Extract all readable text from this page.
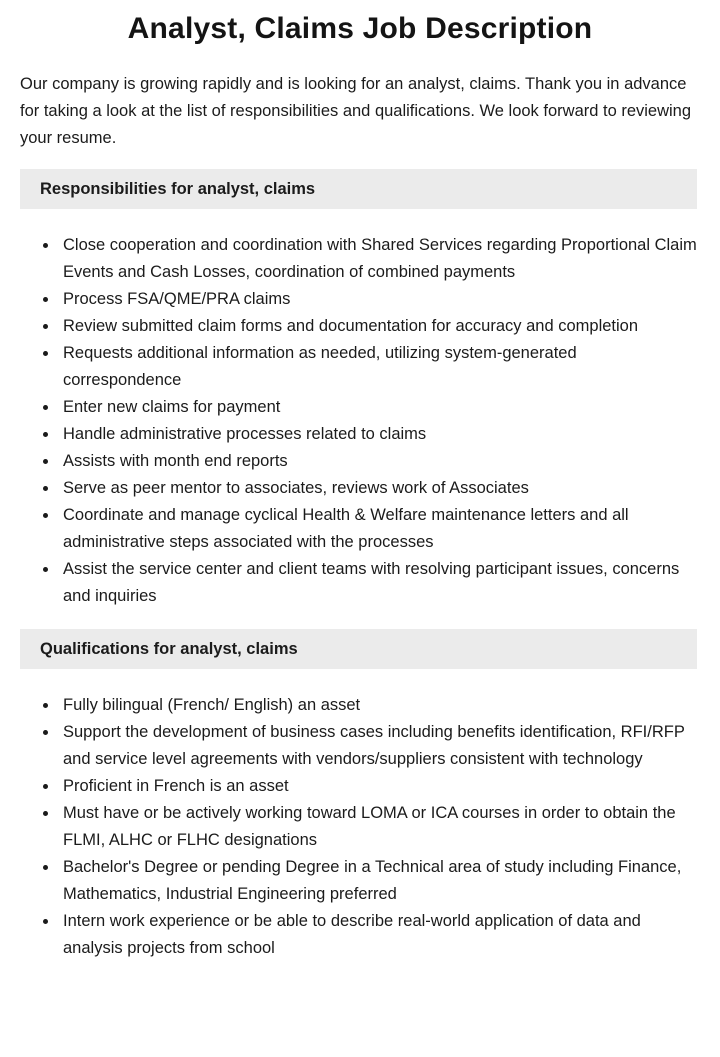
Analyst, Claims Job Description

Our company is growing rapidly and is looking for an analyst, claims. Thank you in advance for taking a look at the list of responsibilities and qualifications. We look forward to reviewing your resume.

Responsibilities for analyst, claims
Close cooperation and coordination with Shared Services regarding Proportional Claim Events and Cash Losses, coordination of combined payments
Process FSA/QME/PRA claims
Review submitted claim forms and documentation for accuracy and completion
Requests additional information as needed, utilizing system-generated correspondence
Enter new claims for payment
Handle administrative processes related to claims
Assists with month end reports
Serve as peer mentor to associates, reviews work of Associates
Coordinate and manage cyclical Health & Welfare maintenance letters and all administrative steps associated with the processes
Assist the service center and client teams with resolving participant issues, concerns and inquiries
Qualifications for analyst, claims
Fully bilingual (French/ English) an asset
Support the development of business cases including benefits identification, RFI/RFP and service level agreements with vendors/suppliers consistent with technology
Proficient in French is an asset
Must have or be actively working toward LOMA or ICA courses in order to obtain the FLMI, ALHC or FLHC designations
Bachelor's Degree or pending Degree in a Technical area of study including Finance, Mathematics, Industrial Engineering preferred
Intern work experience or be able to describe real-world application of data and analysis projects from school
